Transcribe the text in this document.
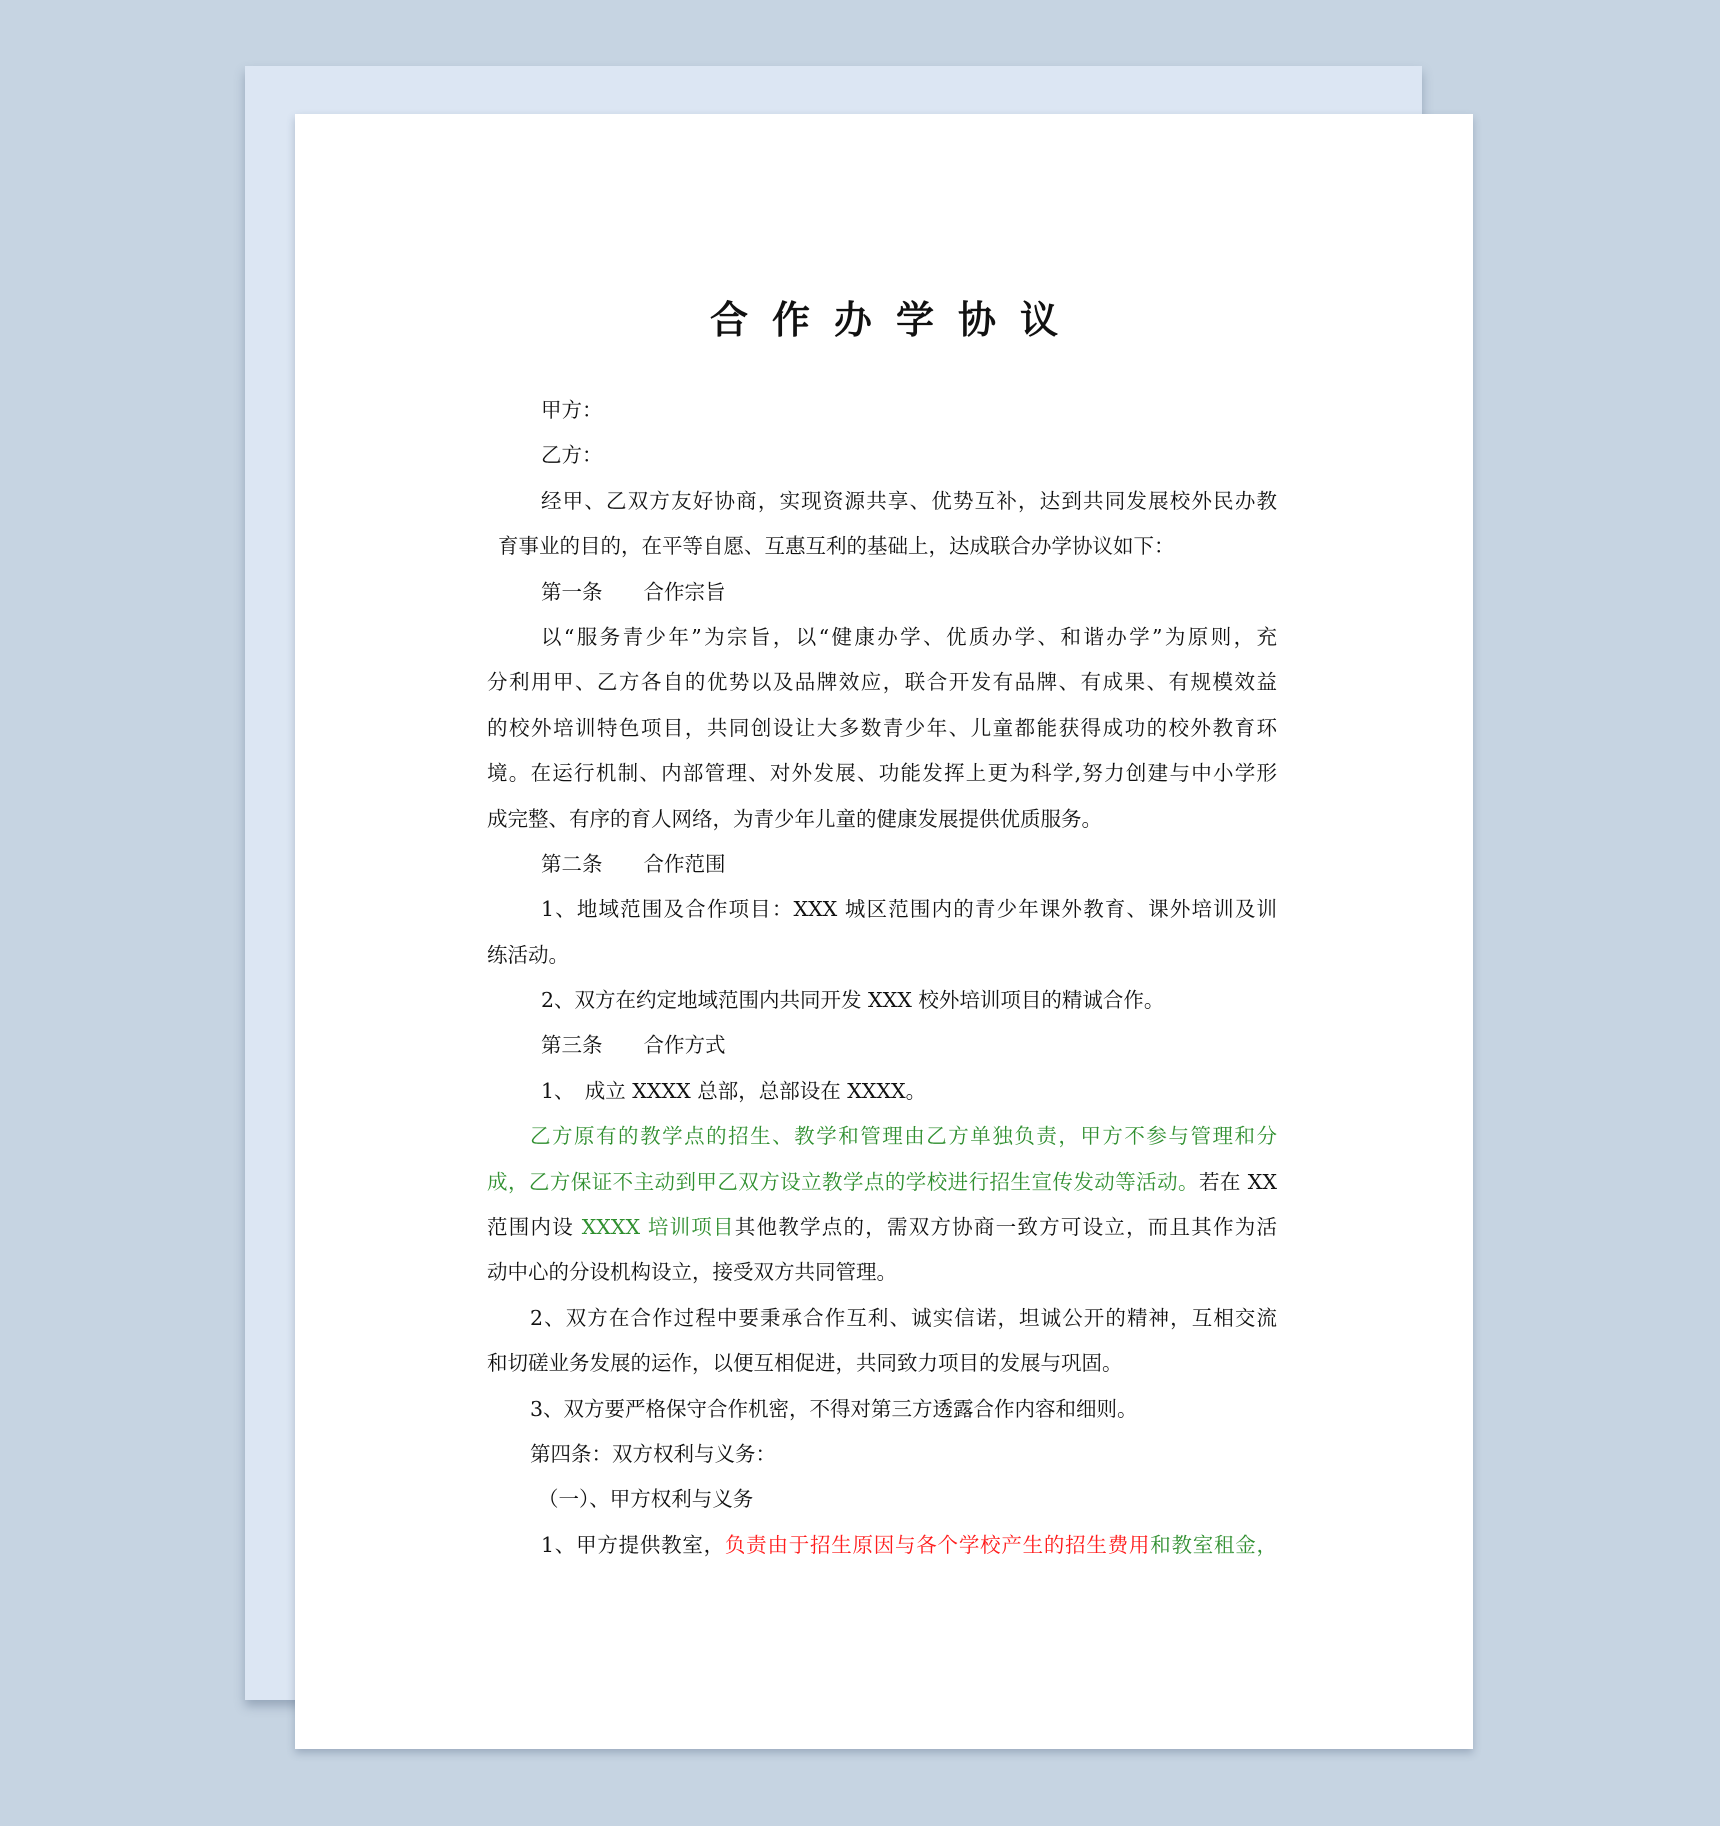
合作办学协议
甲方：
乙方：
经甲、乙双方友好协商，实现资源共享、优势互补，达到共同发展校外民办教
育事业的目的，在平等自愿、互惠互利的基础上，达成联合办学协议如下：
第一条　　合作宗旨
以“服务青少年”为宗旨，以“健康办学、优质办学、和谐办学”为原则，充
分利用甲、乙方各自的优势以及品牌效应，联合开发有品牌、有成果、有规模效益
的校外培训特色项目，共同创设让大多数青少年、儿童都能获得成功的校外教育环
境。在运行机制、内部管理、对外发展、功能发挥上更为科学,努力创建与中小学形
成完整、有序的育人网络，为青少年儿童的健康发展提供优质服务。
第二条　　合作范围
1、地域范围及合作项目：XXX 城区范围内的青少年课外教育、课外培训及训
练活动。
2、双方在约定地域范围内共同开发 XXX 校外培训项目的精诚合作。
第三条　　合作方式
1、　成立 XXXX 总部，总部设在 XXXX。
乙方原有的教学点的招生、教学和管理由乙方单独负责，甲方不参与管理和分
成，乙方保证不主动到甲乙双方设立教学点的学校进行招生宣传发动等活动。若在 XX
范围内设 XXXX 培训项目其他教学点的，需双方协商一致方可设立，而且其作为活
动中心的分设机构设立，接受双方共同管理。
2、双方在合作过程中要秉承合作互利、诚实信诺，坦诚公开的精神，互相交流
和切磋业务发展的运作，以便互相促进，共同致力项目的发展与巩固。
3、双方要严格保守合作机密，不得对第三方透露合作内容和细则。
第四条：双方权利与义务：
（一）、甲方权利与义务
1、甲方提供教室，负责由于招生原因与各个学校产生的招生费用和教室租金，
